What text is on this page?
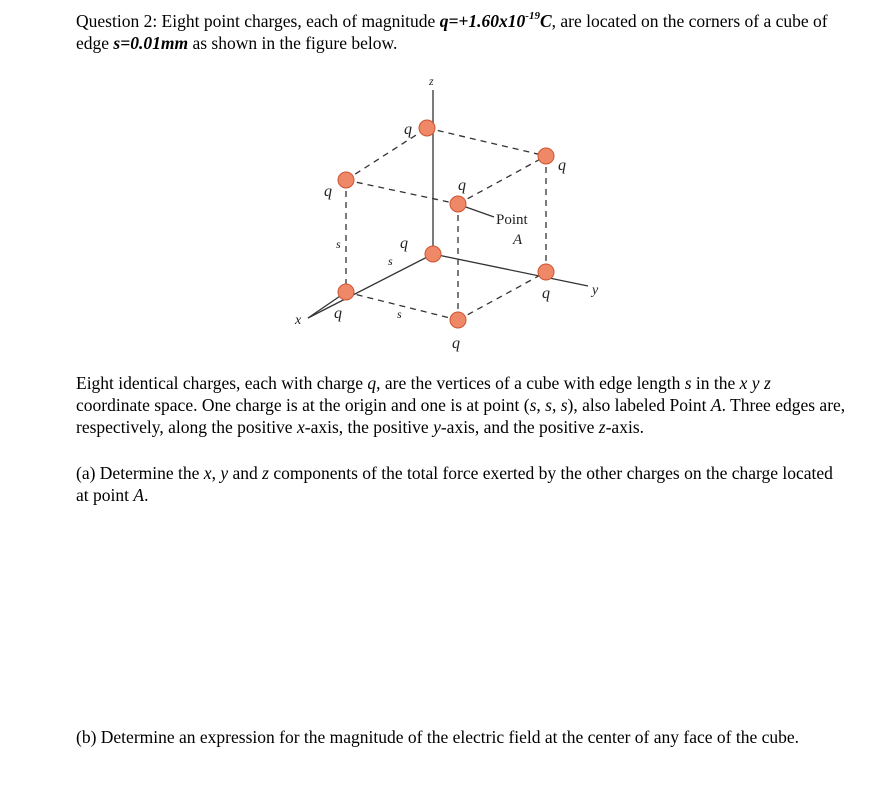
Question 2: Eight point charges, each of magnitude $q=+1.60x10^{-19}C$, are located on the corners of a cube of edge s=0.01mm as shown in the figure below.

z
x
y
q
q	q
q
q
q
q
q
s
s
s
Point
A

Eight identical charges, each with charge q, are the vertices of a cube with edge length s in the x y z coordinate space. One charge is at the origin and one is at point (s, s, s), also labeled Point A. Three edges are, respectively, along the positive x-axis, the positive y-axis, and the positive z-axis.

(a) Determine the x, y and z components of the total force exerted by the other charges on the charge located at point A.

(b) Determine an expression for the magnitude of the electric field at the center of any face of the cube.
